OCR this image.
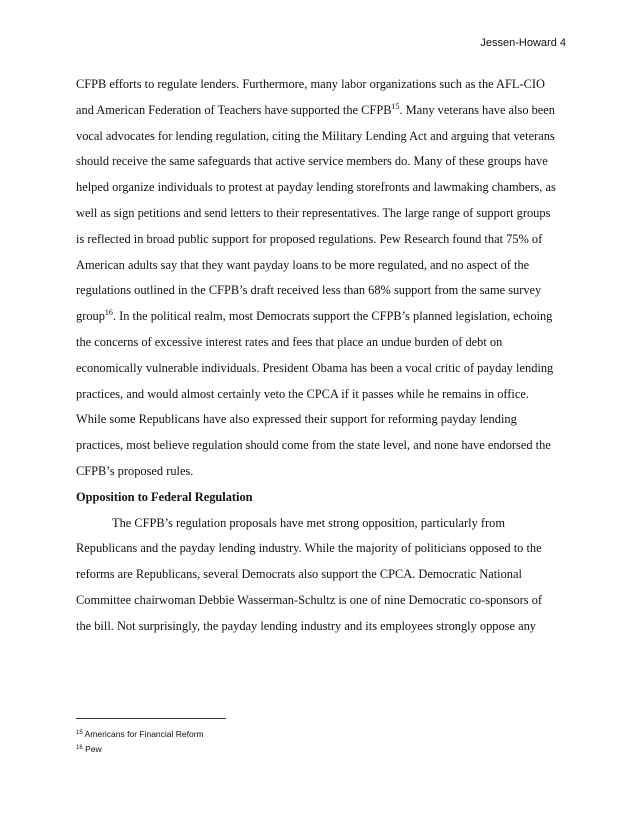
Jessen-Howard 4
CFPB efforts to regulate lenders. Furthermore, many labor organizations such as the AFL-CIO
and American Federation of Teachers have supported the CFPB$^{15}$. Many veterans have also been
vocal advocates for lending regulation, citing the Military Lending Act and arguing that veterans
should receive the same safeguards that active service members do. Many of these groups have
helped organize individuals to protest at payday lending storefronts and lawmaking chambers, as
well as sign petitions and send letters to their representatives. The large range of support groups
is reflected in broad public support for proposed regulations. Pew Research found that 75% of
American adults say that they want payday loans to be more regulated, and no aspect of the
regulations outlined in the CFPB’s draft received less than 68% support from the same survey
group$^{16}$. In the political realm, most Democrats support the CFPB’s planned legislation, echoing
the concerns of excessive interest rates and fees that place an undue burden of debt on
economically vulnerable individuals. President Obama has been a vocal critic of payday lending
practices, and would almost certainly veto the CPCA if it passes while he remains in office.
While some Republicans have also expressed their support for reforming payday lending
practices, most believe regulation should come from the state level, and none have endorsed the
CFPB’s proposed rules.
Opposition to Federal Regulation
The CFPB’s regulation proposals have met strong opposition, particularly from
Republicans and the payday lending industry. While the majority of politicians opposed to the
reforms are Republicans, several Democrats also support the CPCA. Democratic National
Committee chairwoman Debbie Wasserman-Schultz is one of nine Democratic co-sponsors of
the bill. Not surprisingly, the payday lending industry and its employees strongly oppose any
$^{15}$ Americans for Financial Reform
$^{16}$ Pew
